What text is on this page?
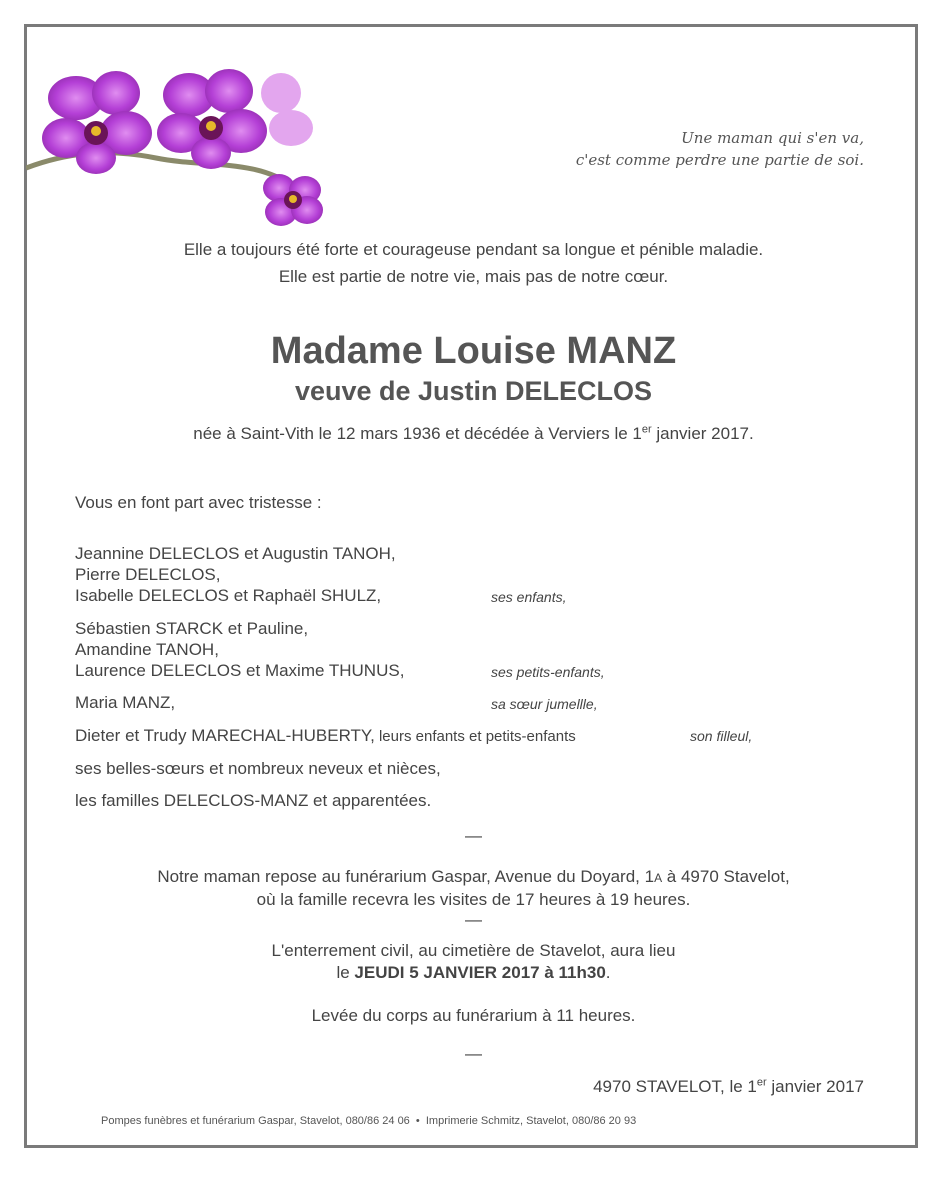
Une maman qui s'en va,
c'est comme perdre une partie de soi.
Elle a toujours été forte et courageuse pendant sa longue et pénible maladie.
Elle est partie de notre vie, mais pas de notre cœur.
Madame Louise MANZ
veuve de Justin DELECLOS
née à Saint-Vith le 12 mars 1936 et décédée à Verviers le 1er janvier 2017.
Vous en font part avec tristesse :
Jeannine DELECLOS et Augustin TANOH,
Pierre DELECLOS,
Isabelle DELECLOS et Raphaël SHULZ,	ses enfants,
Sébastien STARCK et Pauline,
Amandine TANOH,
Laurence DELECLOS et Maxime THUNUS,	ses petits-enfants,
Maria MANZ,	sa sœur jumellle,
Dieter et Trudy MARECHAL-HUBERTY, leurs enfants et petits-enfants	son filleul,
ses belles-sœurs et nombreux neveux et nièces,
les familles DELECLOS-MANZ et apparentées.
—
Notre maman repose au funérarium Gaspar, Avenue du Doyard, 1A à 4970 Stavelot,
où la famille recevra les visites de 17 heures à 19 heures.
—
L'enterrement civil, au cimetière de Stavelot, aura lieu
le JEUDI 5 JANVIER 2017 à 11h30.
Levée du corps au funérarium à 11 heures.
—
4970 STAVELOT, le 1er janvier 2017
Pompes funèbres et funérarium Gaspar, Stavelot, 080/86 24 06  •  Imprimerie Schmitz, Stavelot, 080/86 20 93
